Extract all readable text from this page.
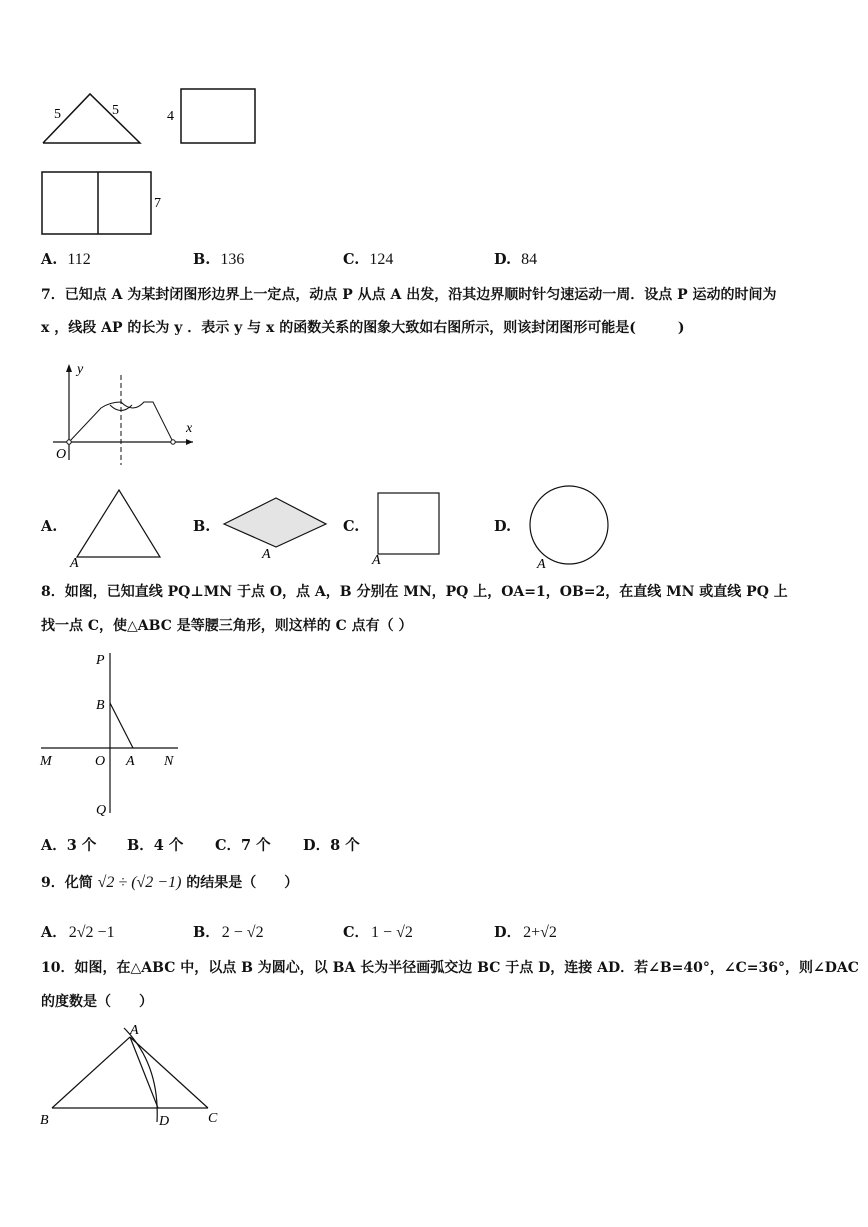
5	5	4
7
A. 112	B. 136	C. 124	D. 84
7．已知点 A 为某封闭图形边界上一定点，动点 P 从点 A 出发，沿其边界顺时针匀速运动一周．设点 P 运动的时间为
x ，线段 AP 的长为 y ．表示 y 与 x 的函数关系的图象大致如右图所示，则该封闭图形可能是(　　　)
y
x
O
A.
A
B.
A
C.
A
D.
A
8．如图，已知直线 PQ⊥MN 于点 O，点 A，B 分别在 MN，PQ 上，OA=1，OB=2，在直线 MN 或直线 PQ 上
找一点 C，使△ABC 是等腰三角形，则这样的 C 点有（ ）
P
B
M	O A N
Q
A．3 个 B．4 个 C．7 个 D．8 个
9．化简 √2 ÷ (√2 −1) 的结果是（　　）
A． 2√2 −1	B． 2 − √2	C． 1 − √2	D． 2+√2
10．如图，在△ABC 中，以点 B 为圆心，以 BA 长为半径画弧交边 BC 于点 D，连接 AD．若∠B=40°，∠C=36°，则∠DAC
的度数是（　　）
A
B	D	C
